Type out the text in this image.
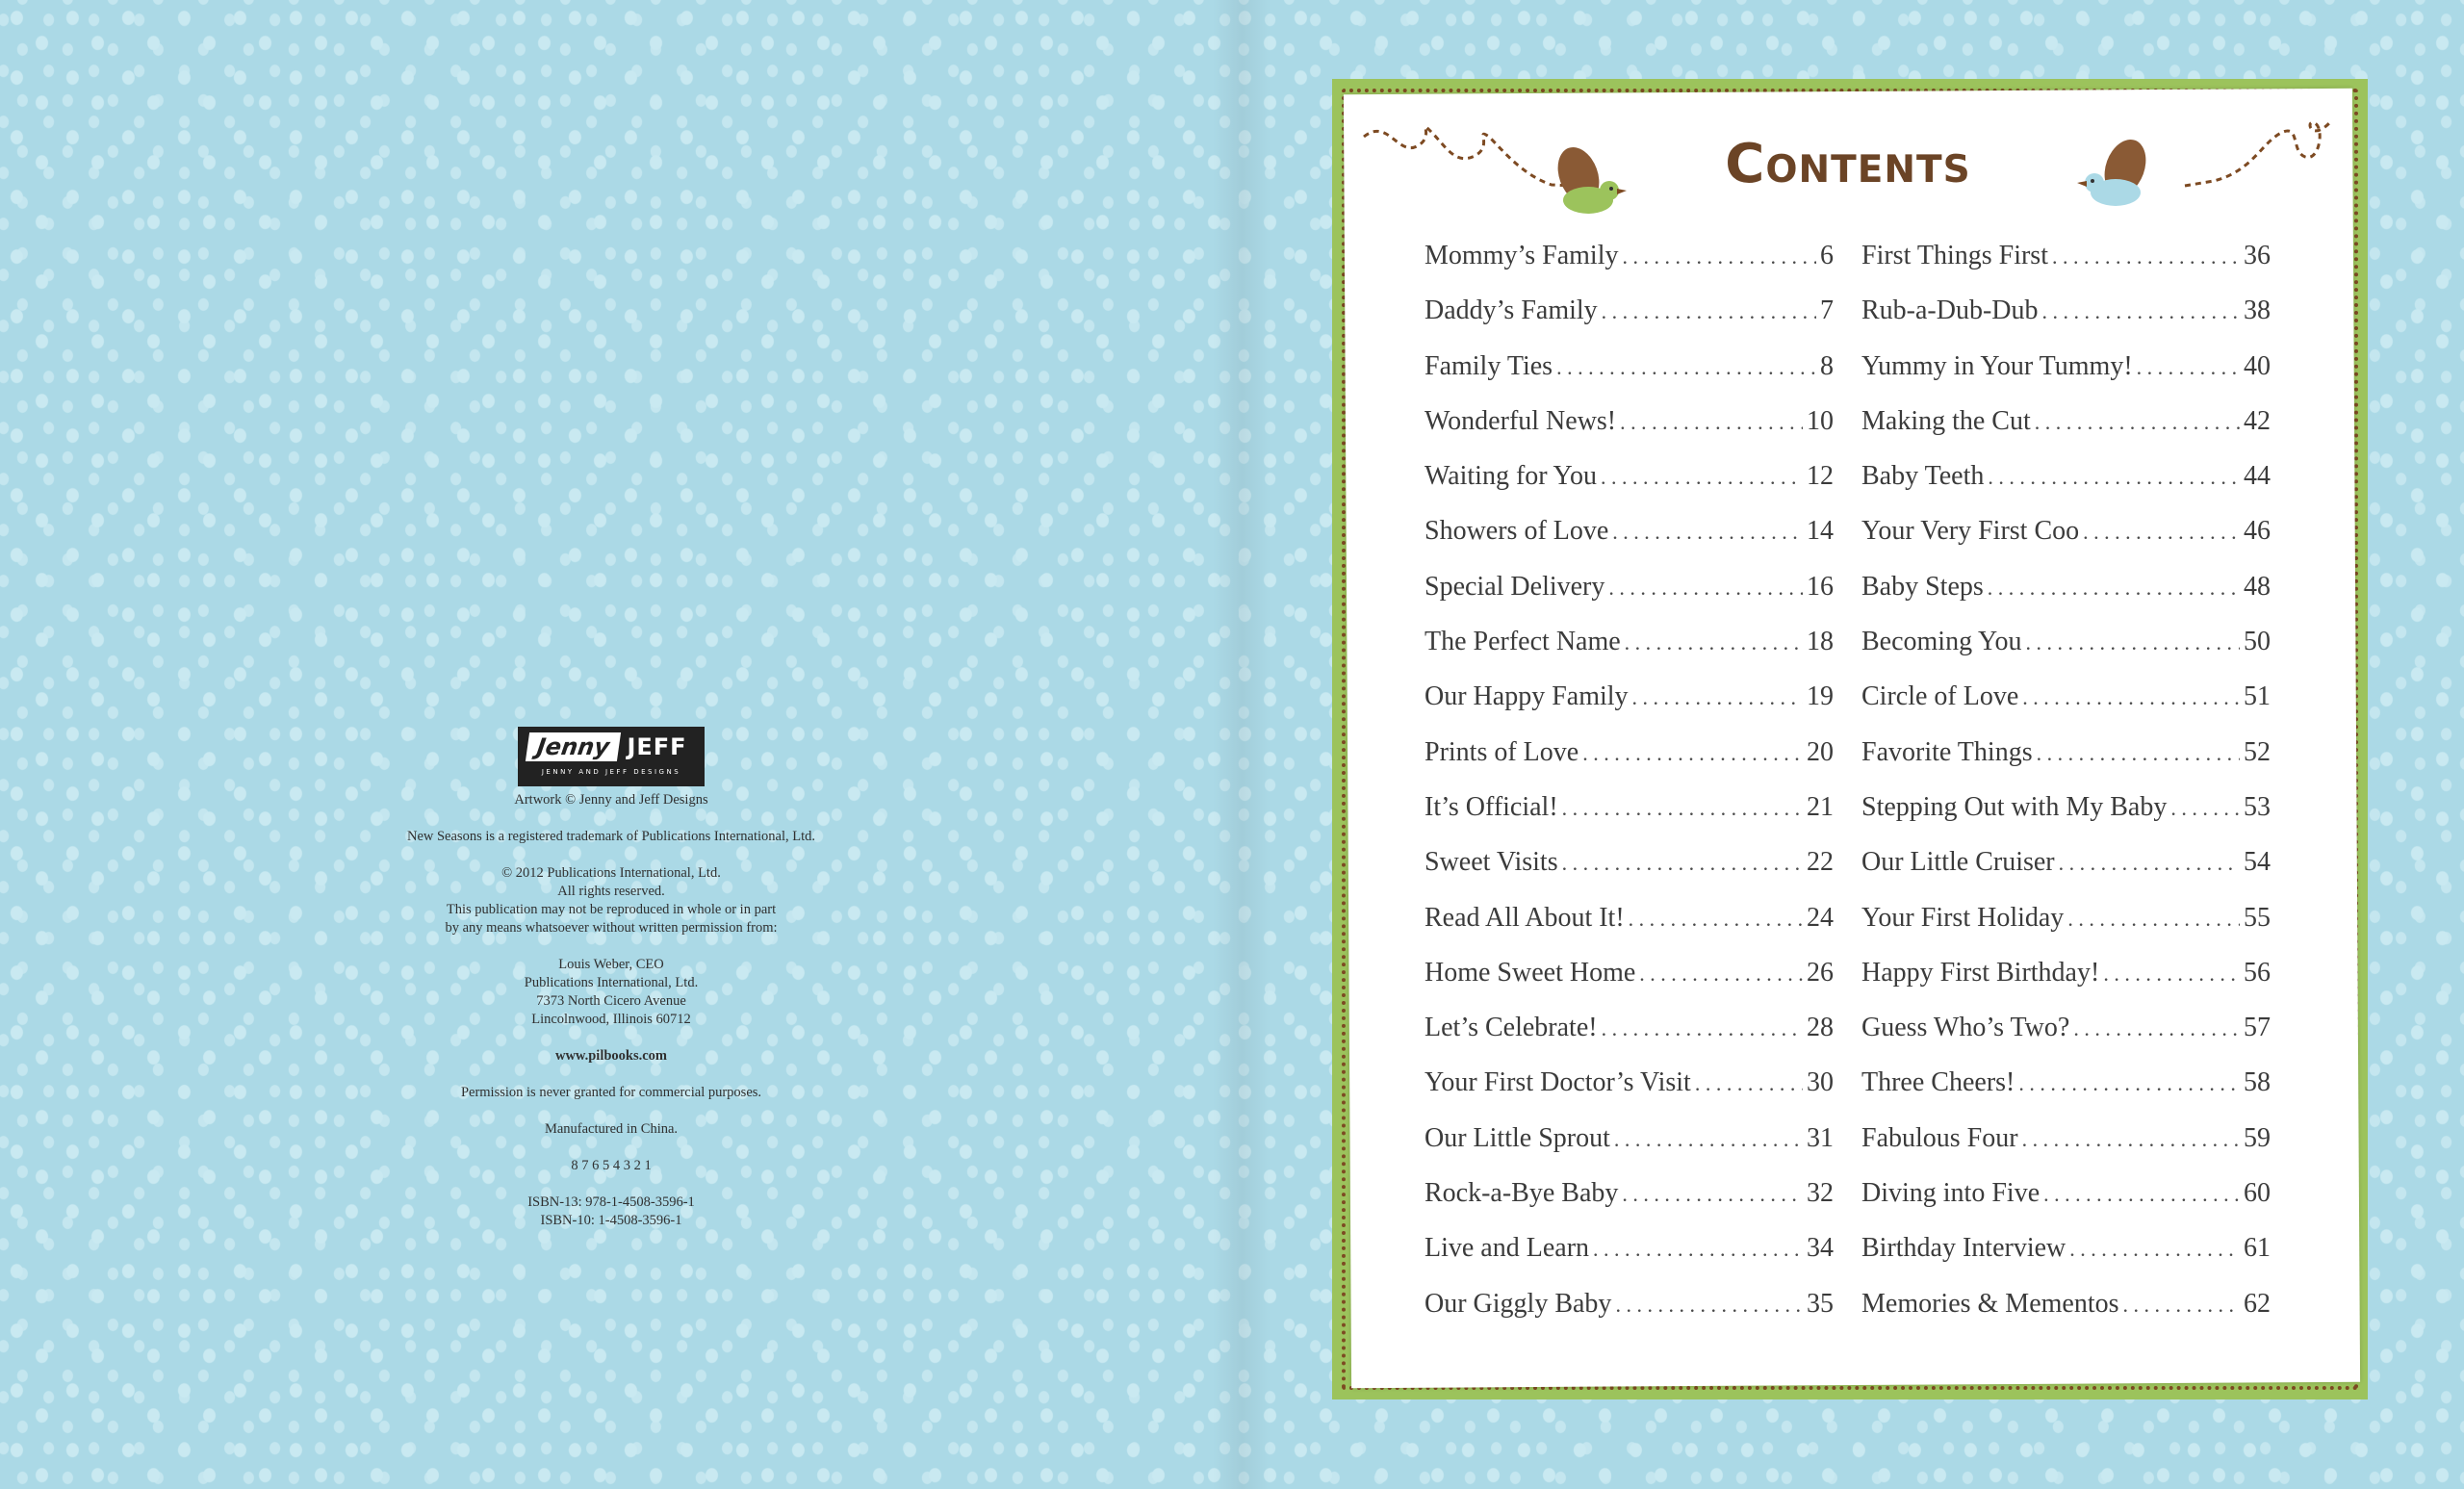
Jenny JEFF
JENNY AND JEFF DESIGNS

Artwork © Jenny and Jeff Designs

New Seasons is a registered trademark of Publications International, Ltd.

© 2012 Publications International, Ltd.

All rights reserved.

This publication may not be reproduced in whole or in part

by any means whatsoever without written permission from:

Louis Weber, CEO

Publications International, Ltd.

7373 North Cicero Avenue

Lincolnwood, Illinois 60712

www.pilbooks.com

Permission is never granted for commercial purposes.

Manufactured in China.

8 7 6 5 4 3 2 1

ISBN-13: 978-1-4508-3596-1

ISBN-10: 1-4508-3596-1

Contents
Mommy’s Family . . .	6
Daddy’s Family . . .	7
Family Ties . . .	8
Wonderful News! . . .	10
Waiting for You . . .	12
Showers of Love . . .	14
Special Delivery . . .	16
The Perfect Name . . .	18
Our Happy Family . . .	19
Prints of Love . . .	20
It’s Official! . . .	21
Sweet Visits . . .	22
Read All About It! . . .	24
Home Sweet Home . . .	26
Let’s Celebrate! . . .	28
Your First Doctor’s Visit . . .	30
Our Little Sprout . . .	31
Rock-a-Bye Baby . . .	32
Live and Learn . . .	34
Our Giggly Baby . . .	35
First Things First . . .	36
Rub-a-Dub-Dub . . .	38
Yummy in Your Tummy! . . .	40
Making the Cut . . .	42
Baby Teeth . . .	44
Your Very First Coo . . .	46
Baby Steps . . .	48
Becoming You . . .	50
Circle of Love . . .	51
Favorite Things . . .	52
Stepping Out with My Baby . . .	53
Our Little Cruiser . . .	54
Your First Holiday . . .	55
Happy First Birthday! . . .	56
Guess Who’s Two? . . .	57
Three Cheers! . . .	58
Fabulous Four . . .	59
Diving into Five . . .	60
Birthday Interview . . .	61
Memories & Mementos . . .	62
